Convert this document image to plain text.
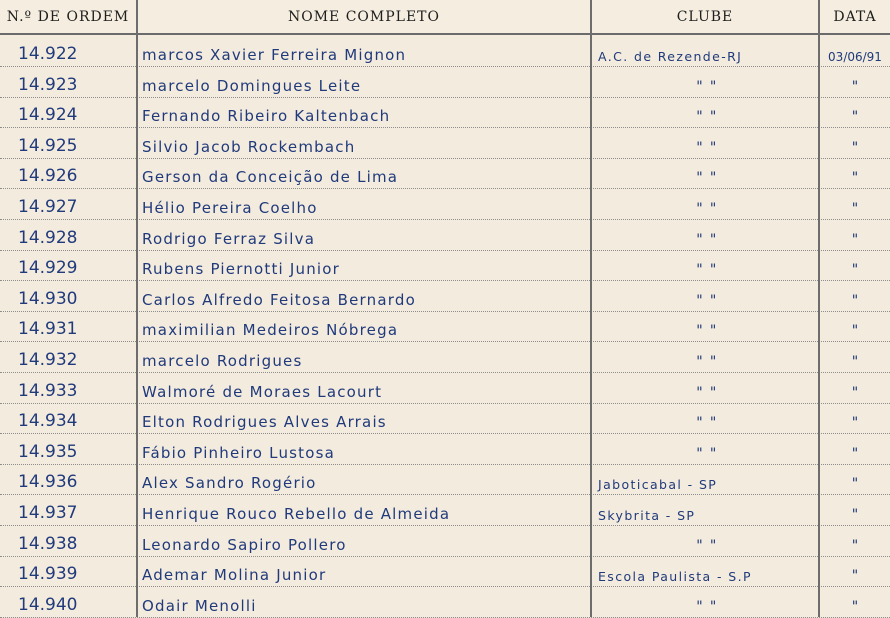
N.º DE ORDEM	NOME COMPLETO	CLUBE	DATA
14.922	marcos Xavier Ferreira Mignon	A.C. de Rezende-RJ	03/06/91
14.923	marcelo Domingues Leite	" "	"
14.924	Fernando Ribeiro Kaltenbach	" "	"
14.925	Silvio Jacob Rockembach	" "	"
14.926	Gerson da Conceição de Lima	" "	"
14.927	Hélio Pereira Coelho	" "	"
14.928	Rodrigo Ferraz Silva	" "	"
14.929	Rubens Piernotti Junior	" "	"
14.930	Carlos Alfredo Feitosa Bernardo	" "	"
14.931	maximilian Medeiros Nóbrega	" "	"
14.932	marcelo Rodrigues	" "	"
14.933	Walmoré de Moraes Lacourt	" "	"
14.934	Elton Rodrigues Alves Arrais	" "	"
14.935	Fábio Pinheiro Lustosa	" "	"
14.936	Alex Sandro Rogério	Jaboticabal - SP	"
14.937	Henrique Rouco Rebello de Almeida	Skybrita - SP	"
14.938	Leonardo Sapiro Pollero	" "	"
14.939	Ademar Molina Junior	Escola Paulista - S.P	"
14.940	Odair Menolli	" "	"
